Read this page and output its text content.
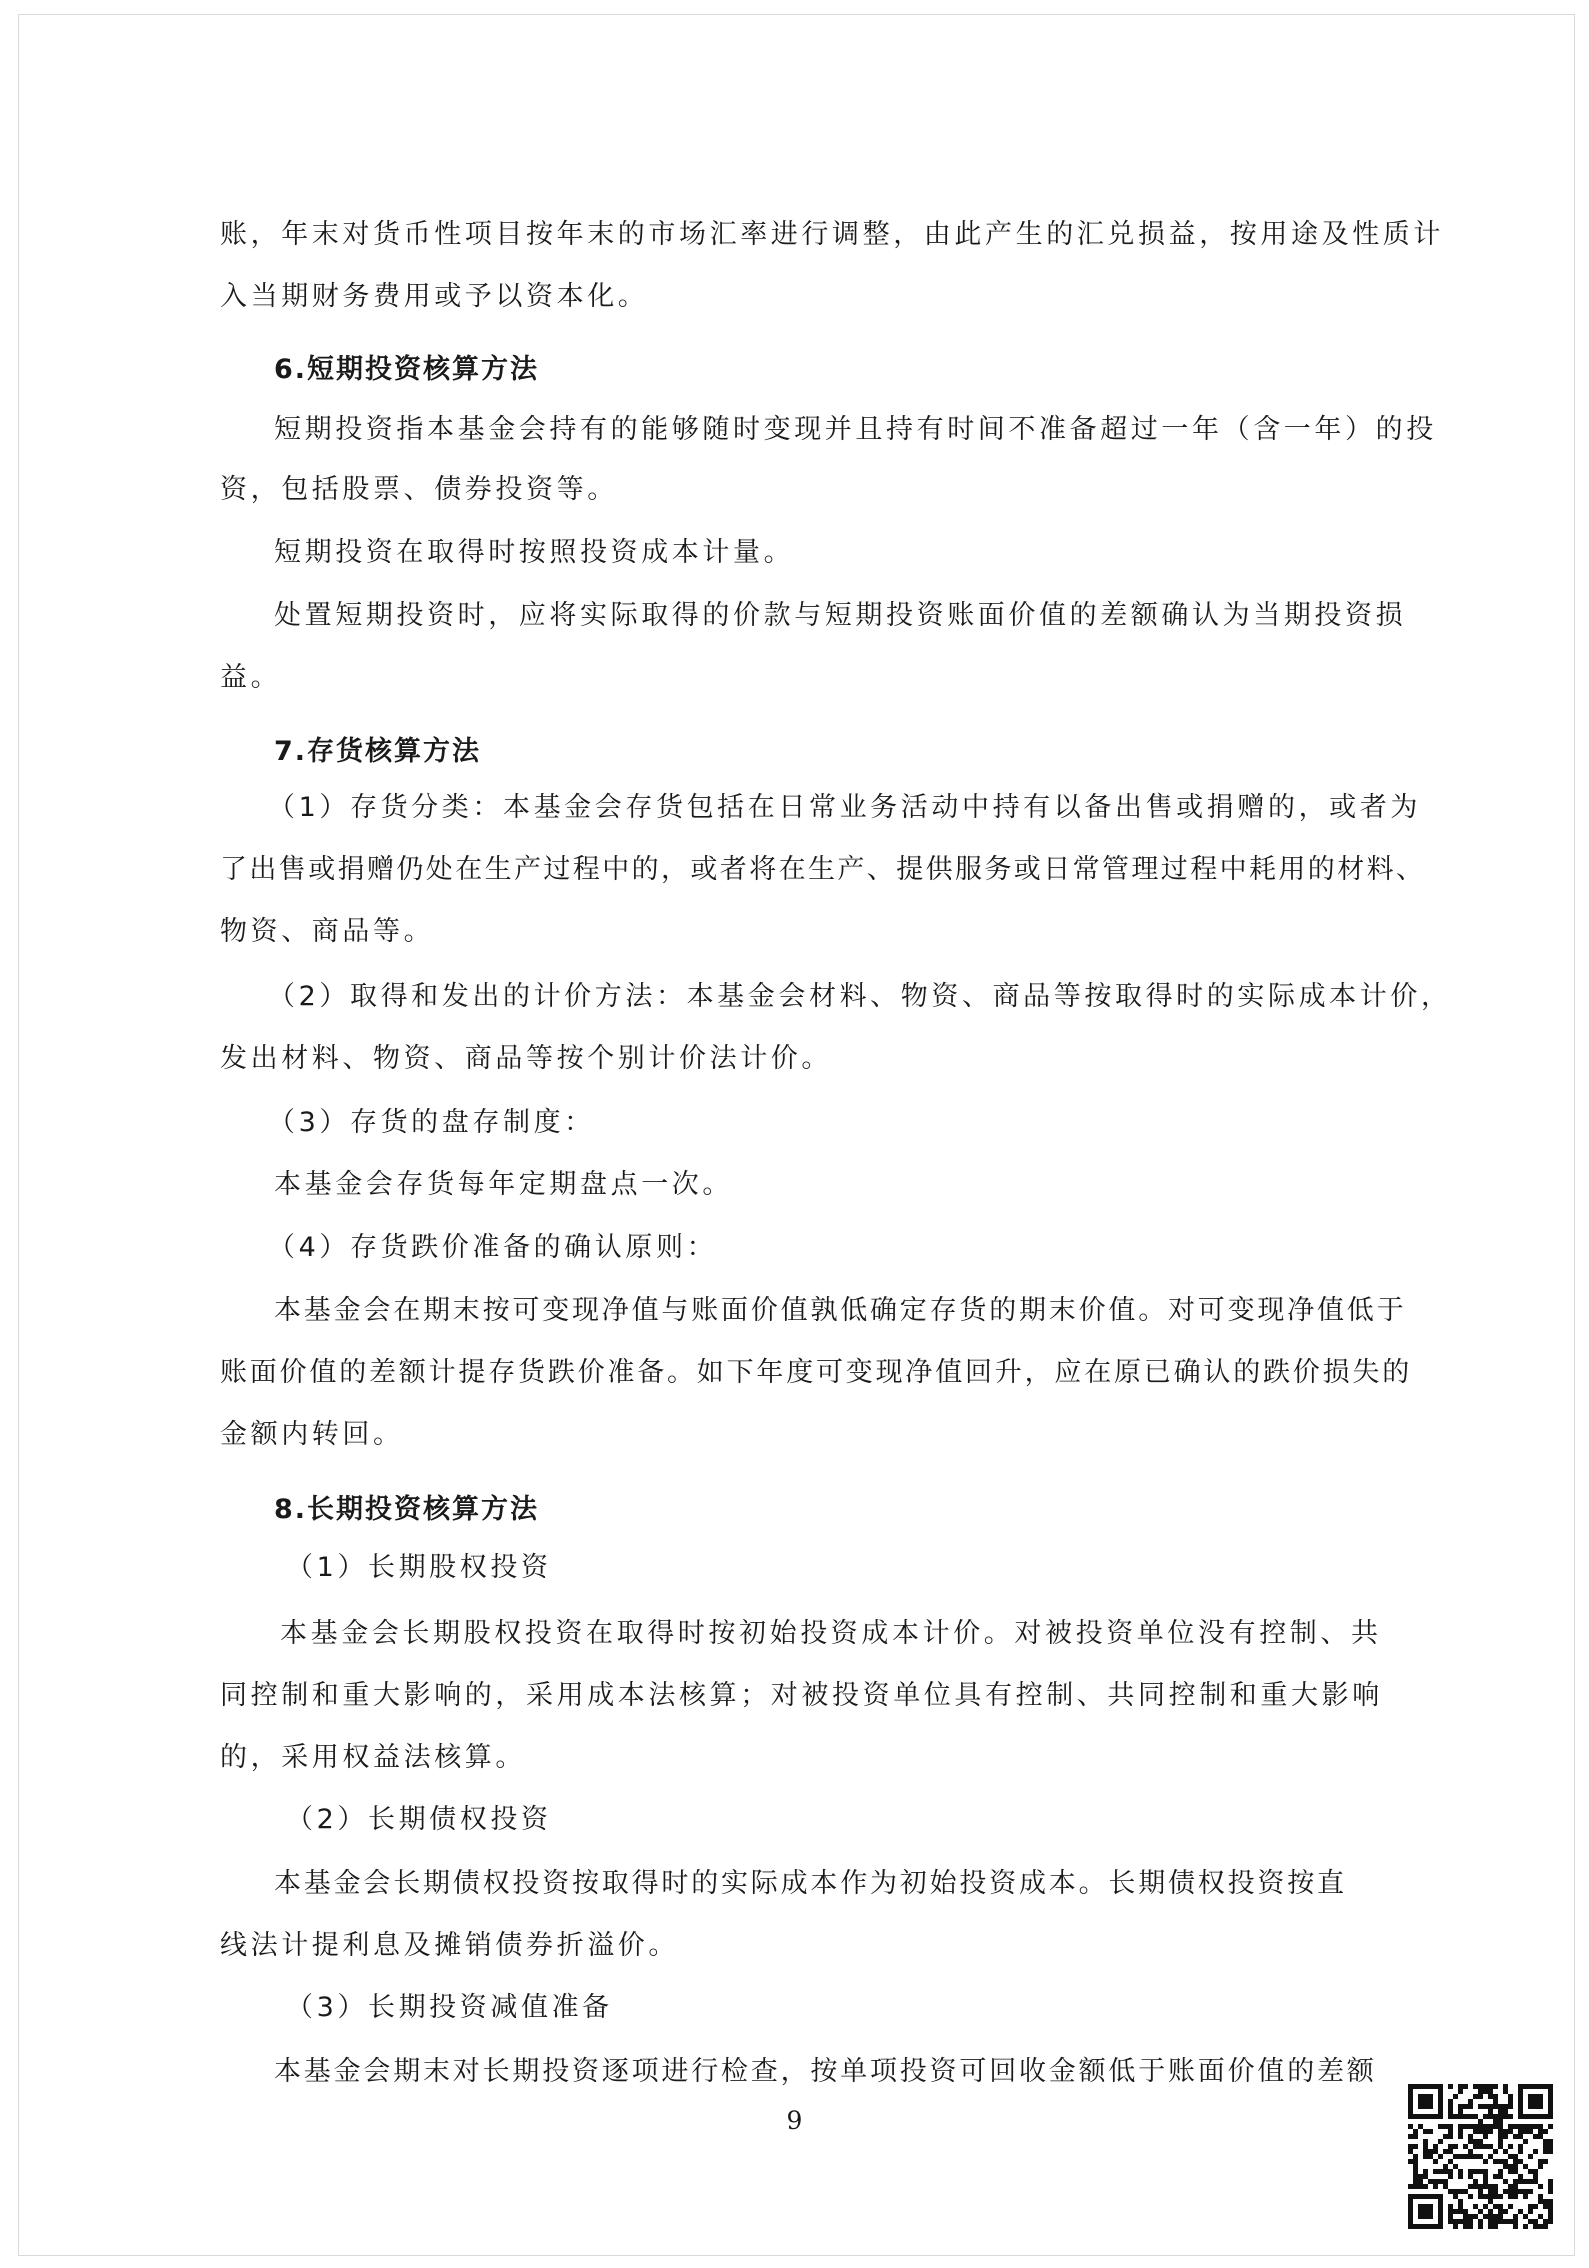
账，年末对货币性项目按年末的市场汇率进行调整，由此产生的汇兑损益，按用途及性质计
入当期财务费用或予以资本化。
6.短期投资核算方法
短期投资指本基金会持有的能够随时变现并且持有时间不准备超过一年（含一年）的投
资，包括股票、债券投资等。
短期投资在取得时按照投资成本计量。
处置短期投资时，应将实际取得的价款与短期投资账面价值的差额确认为当期投资损
益。
7.存货核算方法
（1）存货分类：本基金会存货包括在日常业务活动中持有以备出售或捐赠的，或者为
了出售或捐赠仍处在生产过程中的，或者将在生产、提供服务或日常管理过程中耗用的材料、
物资、商品等。
（2）取得和发出的计价方法：本基金会材料、物资、商品等按取得时的实际成本计价，
发出材料、物资、商品等按个别计价法计价。
（3）存货的盘存制度：
本基金会存货每年定期盘点一次。
（4）存货跌价准备的确认原则：
本基金会在期末按可变现净值与账面价值孰低确定存货的期末价值。对可变现净值低于
账面价值的差额计提存货跌价准备。如下年度可变现净值回升，应在原已确认的跌价损失的
金额内转回。
8.长期投资核算方法
（1）长期股权投资
本基金会长期股权投资在取得时按初始投资成本计价。对被投资单位没有控制、共
同控制和重大影响的，采用成本法核算；对被投资单位具有控制、共同控制和重大影响
的，采用权益法核算。
（2）长期债权投资
本基金会长期债权投资按取得时的实际成本作为初始投资成本。长期债权投资按直
线法计提利息及摊销债券折溢价。
（3）长期投资减值准备
本基金会期末对长期投资逐项进行检查，按单项投资可回收金额低于账面价值的差额
9
